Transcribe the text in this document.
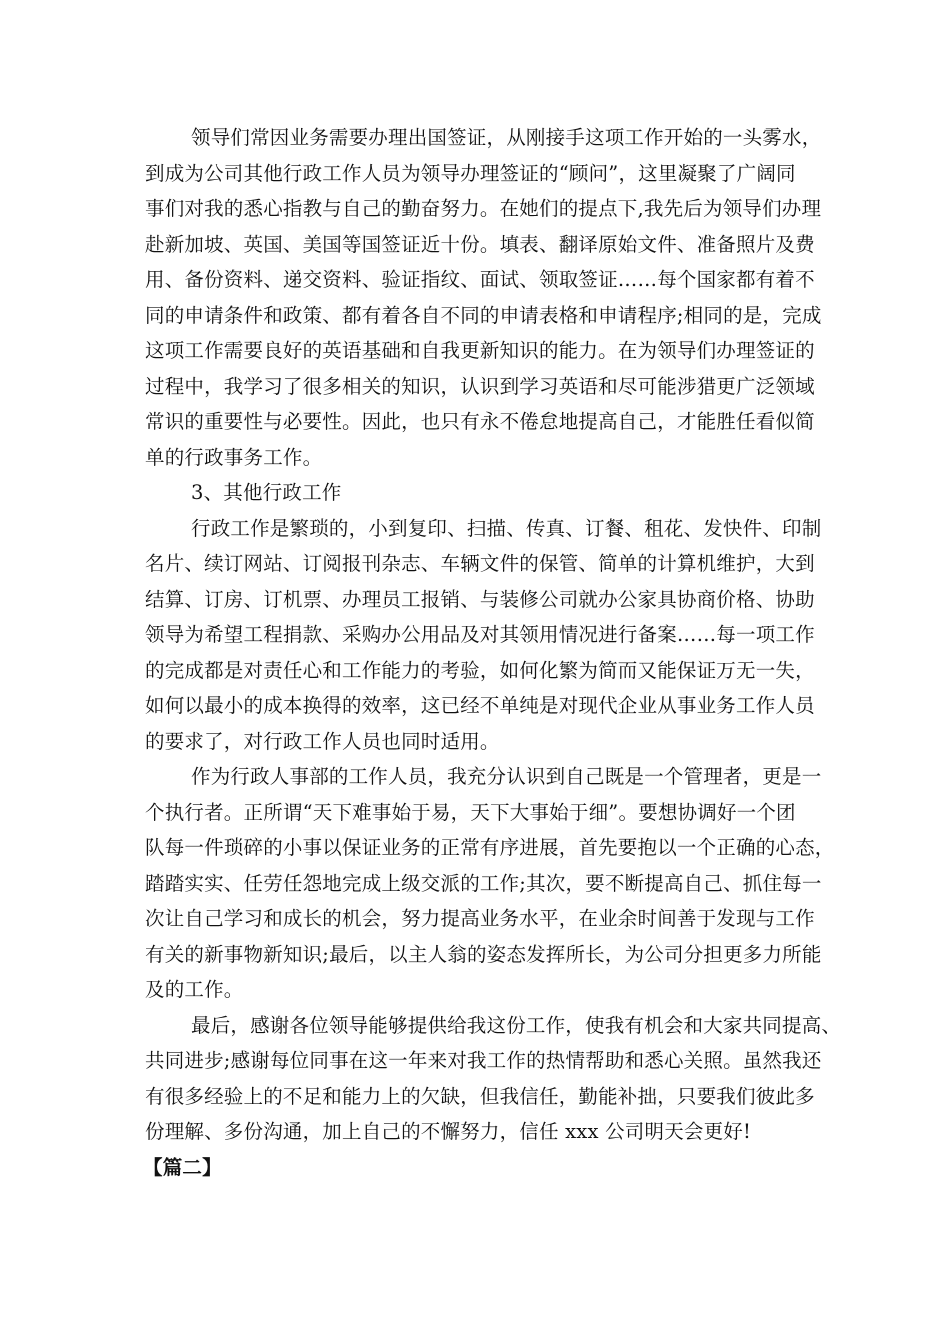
领导们常因业务需要办理出国签证，从刚接手这项工作开始的一头雾水，
到成为公司其他行政工作人员为领导办理签证的“顾问”，这里凝聚了广阔同
事们对我的悉心指教与自己的勤奋努力。在她们的提点下,我先后为领导们办理
赴新加坡、英国、美国等国签证近十份。填表、翻译原始文件、准备照片及费
用、备份资料、递交资料、验证指纹、面试、领取签证……每个国家都有着不
同的申请条件和政策、都有着各自不同的申请表格和申请程序;相同的是，完成
这项工作需要良好的英语基础和自我更新知识的能力。在为领导们办理签证的
过程中，我学习了很多相关的知识，认识到学习英语和尽可能涉猎更广泛领域
常识的重要性与必要性。因此，也只有永不倦怠地提高自己，才能胜任看似简
单的行政事务工作。
3、其他行政工作
行政工作是繁琐的，小到复印、扫描、传真、订餐、租花、发快件、印制
名片、续订网站、订阅报刊杂志、车辆文件的保管、简单的计算机维护，大到
结算、订房、订机票、办理员工报销、与装修公司就办公家具协商价格、协助
领导为希望工程捐款、采购办公用品及对其领用情况进行备案……每一项工作
的完成都是对责任心和工作能力的考验，如何化繁为简而又能保证万无一失，
如何以最小的成本换得的效率，这已经不单纯是对现代企业从事业务工作人员
的要求了，对行政工作人员也同时适用。
作为行政人事部的工作人员，我充分认识到自己既是一个管理者，更是一
个执行者。正所谓“天下难事始于易，天下大事始于细”。要想协调好一个团
队每一件琐碎的小事以保证业务的正常有序进展，首先要抱以一个正确的心态，
踏踏实实、任劳任怨地完成上级交派的工作;其次，要不断提高自己、抓住每一
次让自己学习和成长的机会，努力提高业务水平，在业余时间善于发现与工作
有关的新事物新知识;最后，以主人翁的姿态发挥所长，为公司分担更多力所能
及的工作。
最后，感谢各位领导能够提供给我这份工作，使我有机会和大家共同提高、
共同进步;感谢每位同事在这一年来对我工作的热情帮助和悉心关照。虽然我还
有很多经验上的不足和能力上的欠缺，但我信任，勤能补拙，只要我们彼此多
份理解、多份沟通，加上自己的不懈努力，信任 xxx 公司明天会更好!
【篇二】
